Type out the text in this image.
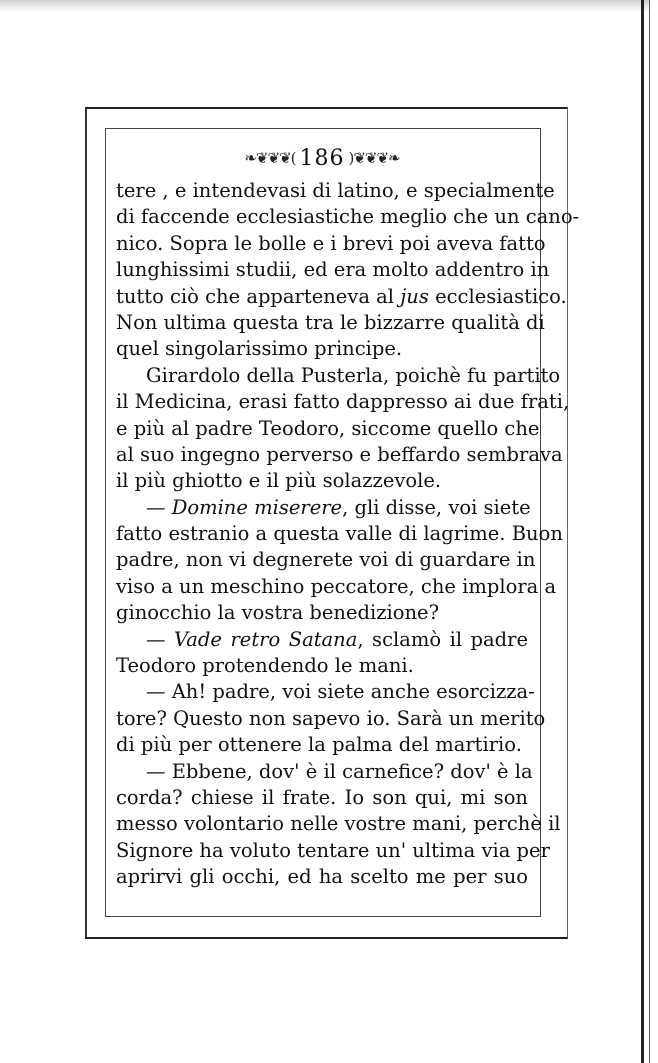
❧❦❦❦( 186 )❦❦❦❧
tere , e intendevasi di latino, e specialmente
di faccende ecclesiastiche meglio che un cano-
nico. Sopra le bolle e i brevi poi aveva fatto
lunghissimi studii, ed era molto addentro in
tutto ciò che apparteneva al jus ecclesiastico.
Non ultima questa tra le bizzarre qualità di
quel singolarissimo principe.
Girardolo della Pusterla, poichè fu partito
il Medicina, erasi fatto dappresso ai due frati,
e più al padre Teodoro, siccome quello che
al suo ingegno perverso e beffardo sembrava
il più ghiotto e il più solazzevole.
— Domine miserere, gli disse, voi siete
fatto estranio a questa valle di lagrime. Buon
padre, non vi degnerete voi di guardare in
viso a un meschino peccatore, che implora a
ginocchio la vostra benedizione?
— Vade retro Satana, sclamò il padre
Teodoro protendendo le mani.
— Ah! padre, voi siete anche esorcizza-
tore? Questo non sapevo io. Sarà un merito
di più per ottenere la palma del martirio.
— Ebbene, dov' è il carnefice? dov' è la
corda? chiese il frate. Io son qui, mi son
messo volontario nelle vostre mani, perchè il
Signore ha voluto tentare un' ultima via per
aprirvi gli occhi, ed ha scelto me per suo
